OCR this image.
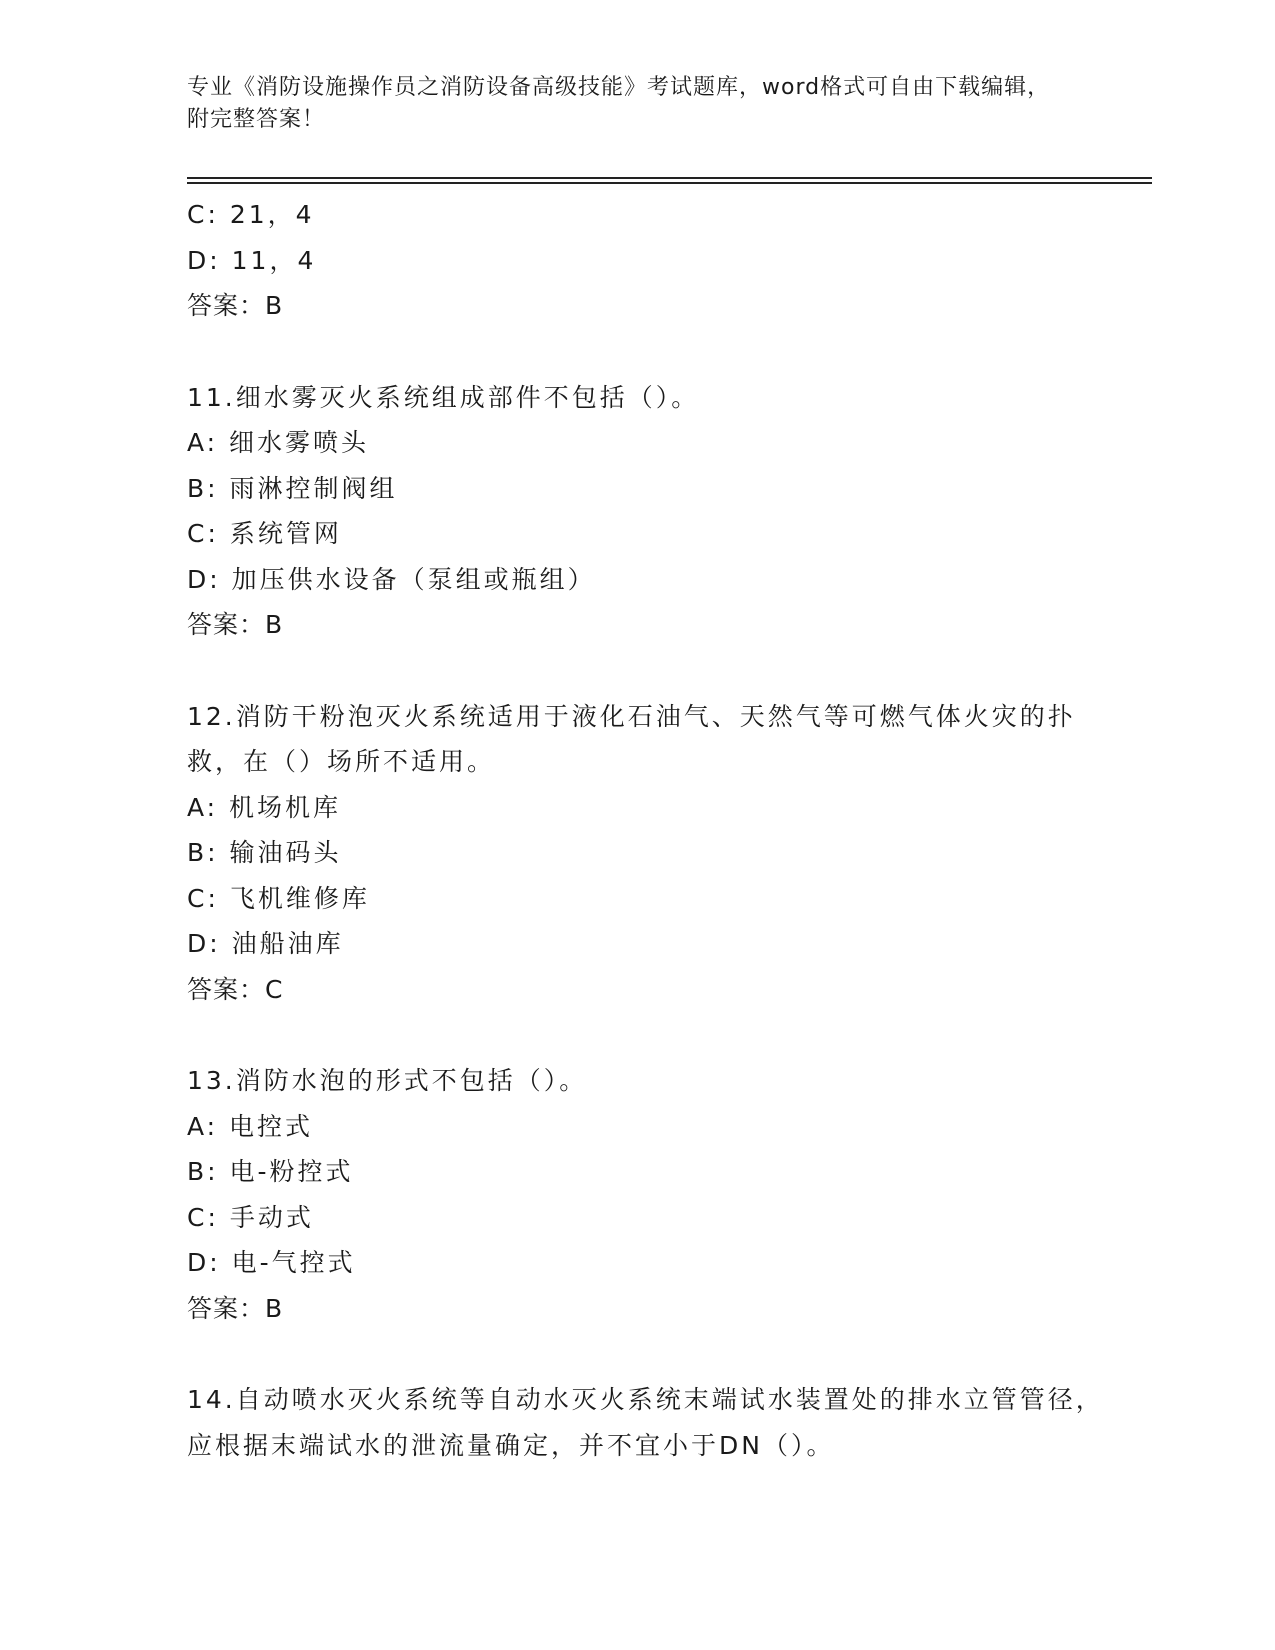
专业《消防设施操作员之消防设备高级技能》考试题库，word格式可自由下载编辑，附完整答案！
C: 21，4
D: 11，4
答案：B
11.细水雾灭火系统组成部件不包括（）。
A: 细水雾喷头
B: 雨淋控制阀组
C: 系统管网
D: 加压供水设备（泵组或瓶组）
答案：B
12.消防干粉泡灭火系统适用于液化石油气、天然气等可燃气体火灾的扑救，在（）场所不适用。
A: 机场机库
B: 输油码头
C: 飞机维修库
D: 油船油库
答案：C
13.消防水泡的形式不包括（）。
A: 电控式
B: 电-粉控式
C: 手动式
D: 电-气控式
答案：B
14.自动喷水灭火系统等自动水灭火系统末端试水装置处的排水立管管径，应根据末端试水的泄流量确定，并不宜小于DN（）。
